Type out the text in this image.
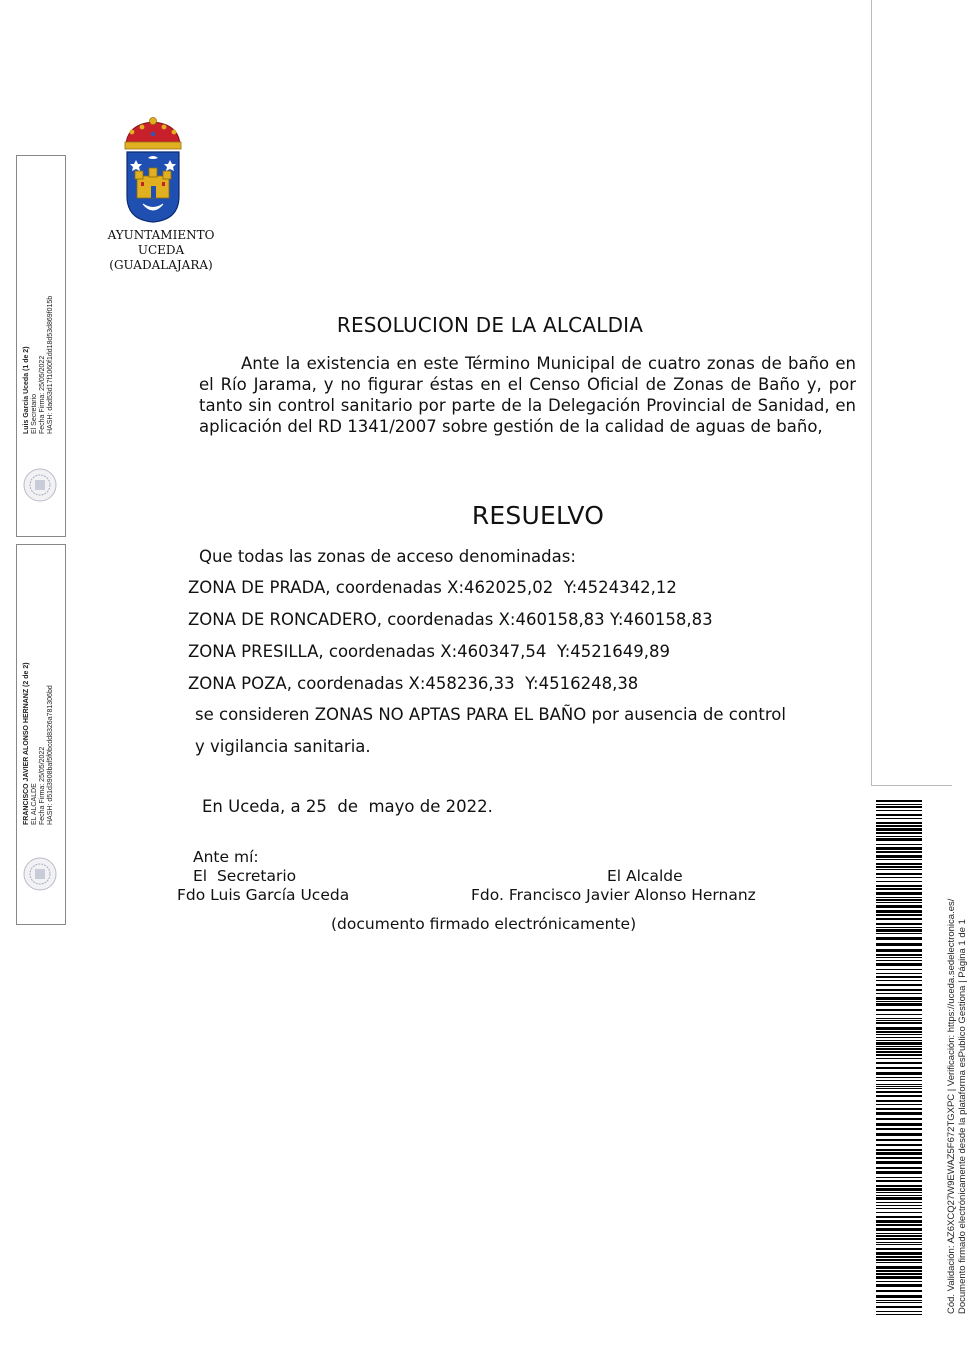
Luis García Uceda (1 de 2) El Secretario Fecha Firma: 25/05/2022 HASH: dad53d17f1060f1dd18d53d869f015b
FRANCISCO JAVIER ALONSO HERNANZ (2 de 2) EL ALCALDE Fecha Firma: 25/05/2022 HASH: d51d3908baf5f0bcdd8326a781306bd
AYUNTAMIENTO
UCEDA
(GUADALAJARA)
RESOLUCION DE LA ALCALDIA
Ante la existencia en este Término Municipal de cuatro zonas de baño en el Río Jarama, y no figurar éstas en el Censo Oficial de Zonas de Baño y, por tanto sin control sanitario por parte de la Delegación Provincial de Sanidad, en aplicación del RD 1341/2007 sobre gestión de la calidad de aguas de baño,
RESUELVO
Que todas las zonas de acceso denominadas:
ZONA DE PRADA, coordenadas X:462025,02  Y:4524342,12
ZONA DE RONCADERO, coordenadas X:460158,83 Y:460158,83
ZONA PRESILLA, coordenadas X:460347,54  Y:4521649,89
ZONA POZA, coordenadas X:458236,33  Y:4516248,38
se consideren ZONAS NO APTAS PARA EL BAÑO por ausencia de control
y vigilancia sanitaria.
En Uceda, a 25  de  mayo de 2022.
Ante mí:
El  Secretario	El Alcalde
Fdo Luis García Uceda	Fdo. Francisco Javier Alonso Hernanz
(documento firmado electrónicamente)	Cód. Validación: AZ6XCQ27W9EWAZ5F672TGXPC | Verificación: https://uceda.sedelectronica.es/ Documento firmado electrónicamente desde la plataforma esPublico Gestiona | Página 1 de 1
